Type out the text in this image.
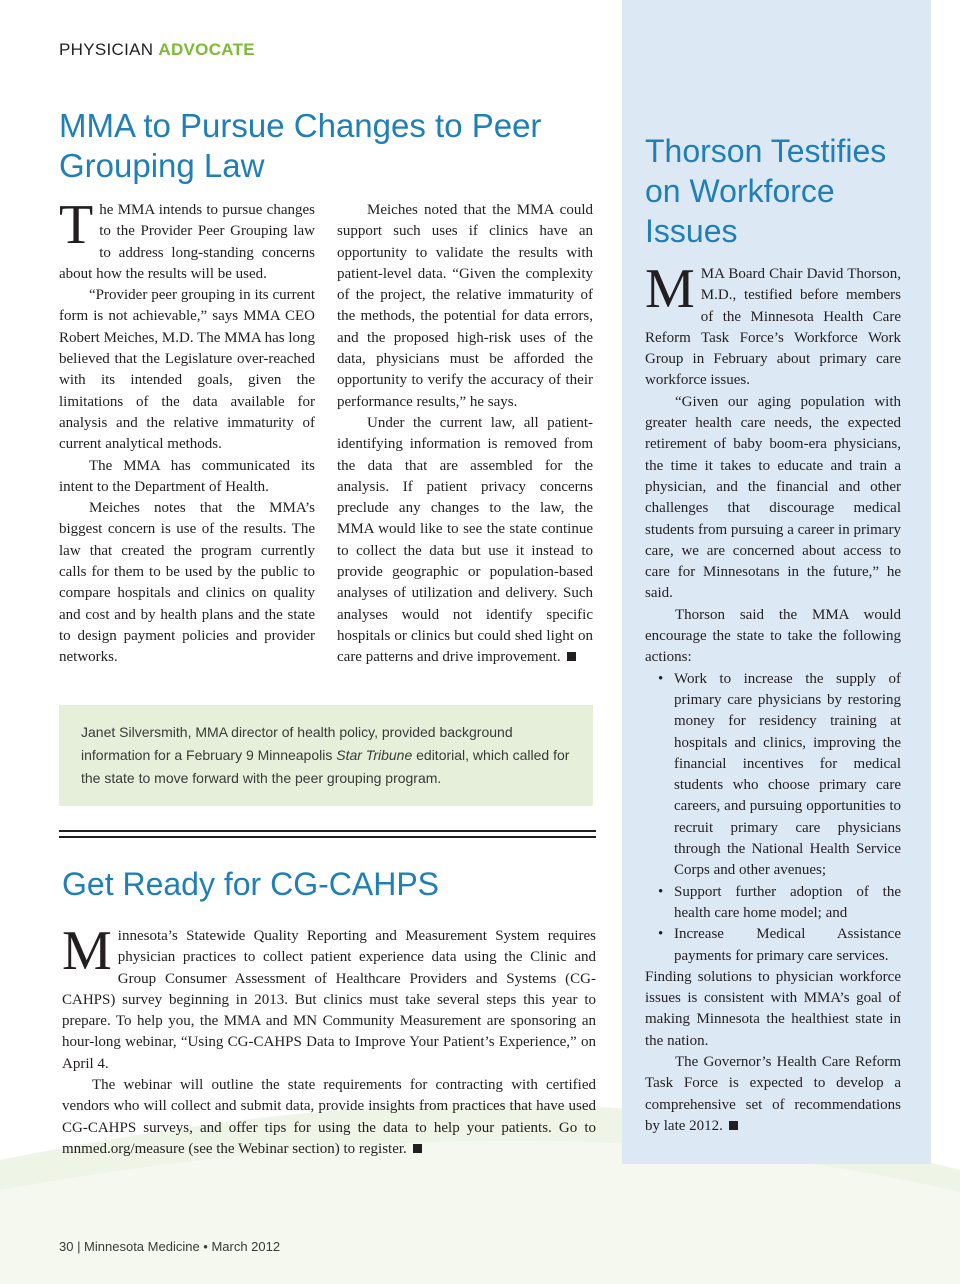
PHYSICIAN ADVOCATE
MMA to Pursue Changes to Peer Grouping Law

The MMA intends to pursue changes to the Provider Peer Grouping law to address long-standing concerns about how the results will be used.

“Provider peer grouping in its current form is not achievable,” says MMA CEO Robert Meiches, M.D. The MMA has long believed that the Legislature over-reached with its intended goals, given the limitations of the data available for analysis and the relative immaturity of current analytical methods.

The MMA has communicated its intent to the Department of Health.

Meiches notes that the MMA’s biggest concern is use of the results. The law that created the program currently calls for them to be used by the public to compare hospitals and clinics on quality and cost and by health plans and the state to design payment policies and provider networks.

Meiches noted that the MMA could support such uses if clinics have an opportunity to validate the results with patient-level data. “Given the complexity of the project, the relative immaturity of the methods, the potential for data errors, and the proposed high-risk uses of the data, physicians must be afforded the opportunity to verify the accuracy of their performance results,” he says.

Under the current law, all patient-identifying information is removed from the data that are assembled for the analysis. If patient privacy concerns preclude any changes to the law, the MMA would like to see the state continue to collect the data but use it instead to provide geographic or population-based analyses of utilization and delivery. Such analyses would not identify specific hospitals or clinics but could shed light on care patterns and drive improvement.

Janet Silversmith, MMA director of health policy, provided background information for a February 9 Minneapolis Star Tribune editorial, which called for the state to move forward with the peer grouping program.
Get Ready for CG-CAHPS

Minnesota’s Statewide Quality Reporting and Measurement System requires physician practices to collect patient experience data using the Clinic and Group Consumer Assessment of Healthcare Providers and Systems (CG-CAHPS) survey beginning in 2013. But clinics must take several steps this year to prepare. To help you, the MMA and MN Community Measurement are sponsoring an hour-long webinar, “Using CG-CAHPS Data to Improve Your Patient’s Experience,” on April 4.

The webinar will outline the state requirements for contracting with certified vendors who will collect and submit data, provide insights from practices that have used CG-CAHPS surveys, and offer tips for using the data to help your patients. Go to mnmed.org/measure (see the Webinar section) to register.

Thorson Testifies on Workforce Issues

MMA Board Chair David Thorson, M.D., testified before members of the Minnesota Health Care Reform Task Force’s Workforce Work Group in February about primary care workforce issues.

“Given our aging population with greater health care needs, the expected retirement of baby boom-era physicians, the time it takes to educate and train a physician, and the financial and other challenges that discourage medical students from pursuing a career in primary care, we are concerned about access to care for Minnesotans in the future,” he said.

Thorson said the MMA would encourage the state to take the following actions:

• Work to increase the supply of primary care physicians by restoring money for residency training at hospitals and clinics, improving the financial incentives for medical students who choose primary care careers, and pursuing opportunities to recruit primary care physicians through the National Health Service Corps and other avenues;
• Support further adoption of the health care home model; and
• Increase Medical Assistance payments for primary care services.

Finding solutions to physician workforce issues is consistent with MMA’s goal of making Minnesota the healthiest state in the nation.

The Governor’s Health Care Reform Task Force is expected to develop a comprehensive set of recommendations by late 2012.

30 | Minnesota Medicine • March 2012
